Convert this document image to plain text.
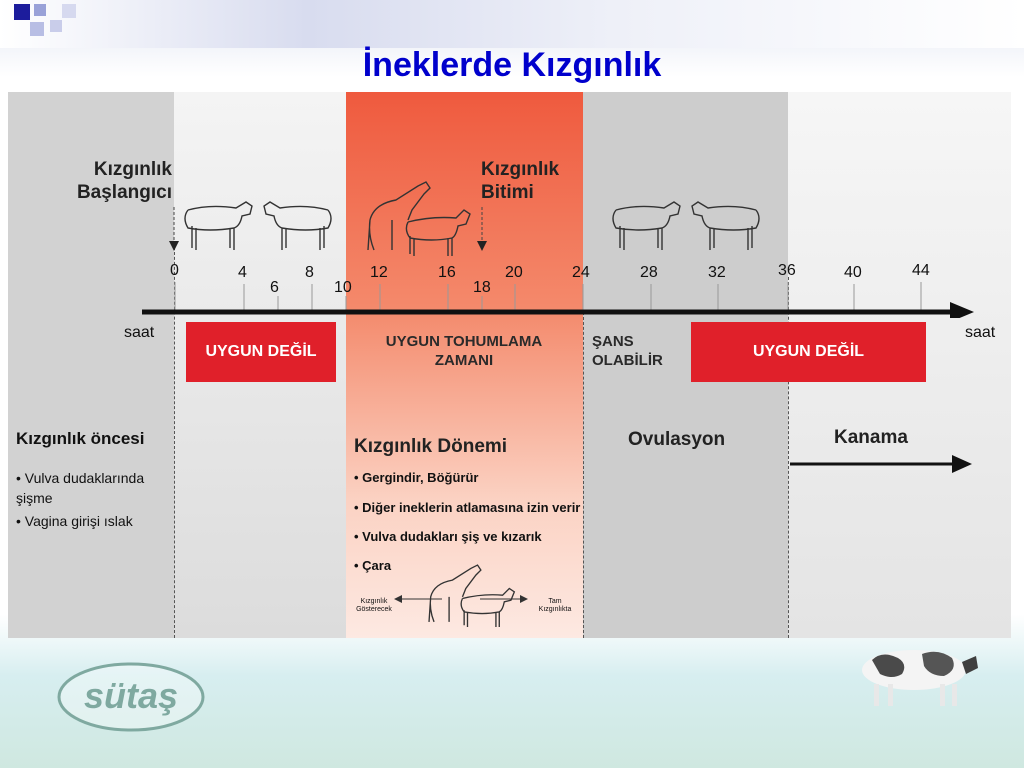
İneklerde Kızgınlık
Kızgınlık Başlangıcı
Kızgınlık Bitimi
0	4	8	12	16	20	24	28	32	36	40	44
6	10	18
saat	saat
UYGUN DEĞİL	UYGUN DEĞİL
UYGUN TOHUMLAMA ZAMANI
ŞANS OLABİLİR
Kızgınlık öncesi
• Vulva dudaklarında şişme
• Vagina girişi ıslak
Kızgınlık Dönemi
• Gergindir, Böğürür
• Diğer ineklerin atlamasına izin verir
• Vulva dudakları şiş ve kızarık
• Çara
Kızgınlık Gösterecek
Tam Kızgınlıkta
Ovulasyon	Kanama
sütaş
